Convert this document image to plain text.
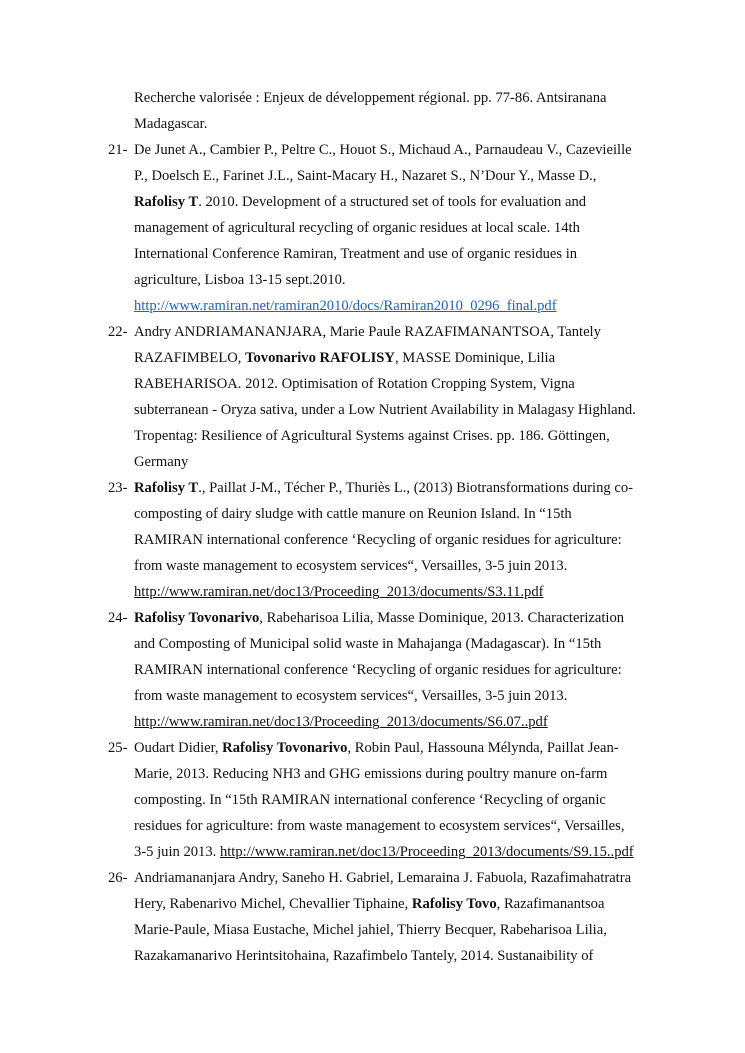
Recherche valorisée : Enjeux de développement régional. pp. 77-86. Antsiranana
Madagascar.
21- De Junet A., Cambier P., Peltre C., Houot S., Michaud A., Parnaudeau V., Cazevieille
P., Doelsch E., Farinet J.L., Saint-Macary H., Nazaret S., N’Dour Y., Masse D.,
Rafolisy T. 2010. Development of a structured set of tools for evaluation and
management of agricultural recycling of organic residues at local scale. 14th
International Conference Ramiran, Treatment and use of organic residues in
agriculture, Lisboa 13-15 sept.2010.
http://www.ramiran.net/ramiran2010/docs/Ramiran2010_0296_final.pdf
22- Andry ANDRIAMANANJARA, Marie Paule RAZAFIMANANTSOA, Tantely
RAZAFIMBELO, Tovonarivo RAFOLISY, MASSE Dominique, Lilia
RABEHARISOA. 2012. Optimisation of Rotation Cropping System, Vigna
subterranean - Oryza sativa, under a Low Nutrient Availability in Malagasy Highland.
Tropentag: Resilience of Agricultural Systems against Crises. pp. 186. Göttingen,
Germany
23- Rafolisy T., Paillat J-M., Técher P., Thuriès L., (2013) Biotransformations during co-
composting of dairy sludge with cattle manure on Reunion Island. In “15th
RAMIRAN international conference ‘Recycling of organic residues for agriculture:
from waste management to ecosystem services“, Versailles, 3-5 juin 2013.
http://www.ramiran.net/doc13/Proceeding_2013/documents/S3.11.pdf
24- Rafolisy Tovonarivo, Rabeharisoa Lilia, Masse Dominique, 2013. Characterization
and Composting of Municipal solid waste in Mahajanga (Madagascar). In “15th
RAMIRAN international conference ‘Recycling of organic residues for agriculture:
from waste management to ecosystem services“, Versailles, 3-5 juin 2013.
http://www.ramiran.net/doc13/Proceeding_2013/documents/S6.07..pdf
25- Oudart Didier, Rafolisy Tovonarivo, Robin Paul, Hassouna Mélynda, Paillat Jean-
Marie, 2013. Reducing NH3 and GHG emissions during poultry manure on-farm
composting. In “15th RAMIRAN international conference ‘Recycling of organic
residues for agriculture: from waste management to ecosystem services“, Versailles,
3-5 juin 2013. http://www.ramiran.net/doc13/Proceeding_2013/documents/S9.15..pdf
26- Andriamananjara Andry, Saneho H. Gabriel, Lemaraina J. Fabuola, Razafimahatratra
Hery, Rabenarivo Michel, Chevallier Tiphaine, Rafolisy Tovo, Razafimanantsoa
Marie-Paule, Miasa Eustache, Michel jahiel, Thierry Becquer, Rabeharisoa Lilia,
Razakamanarivo Herintsitohaina, Razafimbelo Tantely, 2014. Sustanaibility of
